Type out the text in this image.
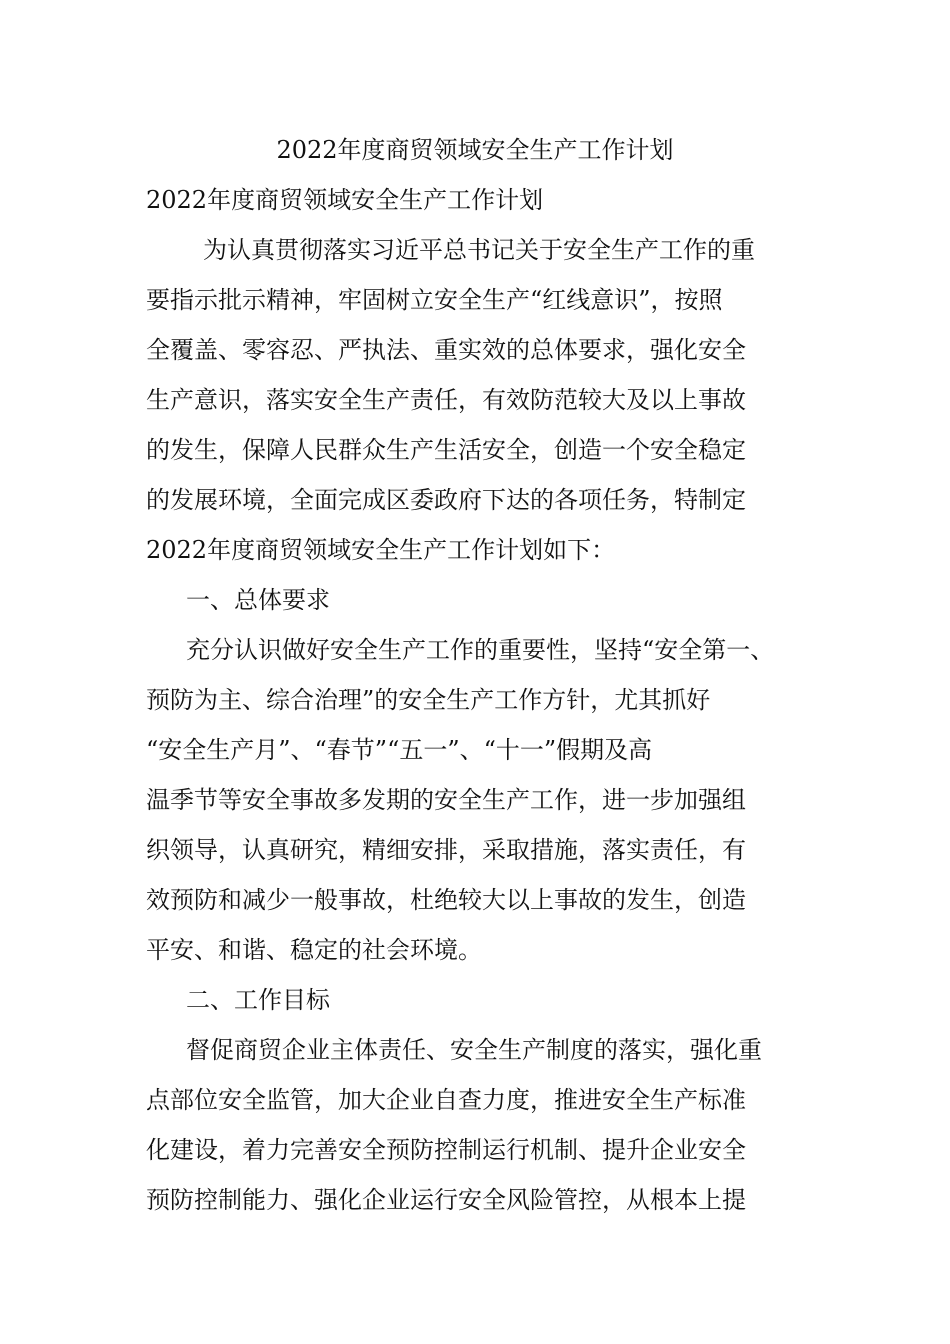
2022年度商贸领域安全生产工作计划
2022年度商贸领域安全生产工作计划
为认真贯彻落实习近平总书记关于安全生产工作的重
要指示批示精神，牢固树立安全生产“红线意识”，按照
全覆盖、零容忍、严执法、重实效的总体要求，强化安全
生产意识，落实安全生产责任，有效防范较大及以上事故
的发生，保障人民群众生产生活安全，创造一个安全稳定
的发展环境，全面完成区委政府下达的各项任务，特制定
2022年度商贸领域安全生产工作计划如下：
一、总体要求
充分认识做好安全生产工作的重要性，坚持“安全第一、
预防为主、综合治理”的安全生产工作方针，尤其抓好
“安全生产月”、“春节”“五一”、“十一”假期及高
温季节等安全事故多发期的安全生产工作，进一步加强组
织领导，认真研究，精细安排，采取措施，落实责任，有
效预防和减少一般事故，杜绝较大以上事故的发生，创造
平安、和谐、稳定的社会环境。
二、工作目标
督促商贸企业主体责任、安全生产制度的落实，强化重
点部位安全监管，加大企业自查力度，推进安全生产标准
化建设，着力完善安全预防控制运行机制、提升企业安全
预防控制能力、强化企业运行安全风险管控，从根本上提
